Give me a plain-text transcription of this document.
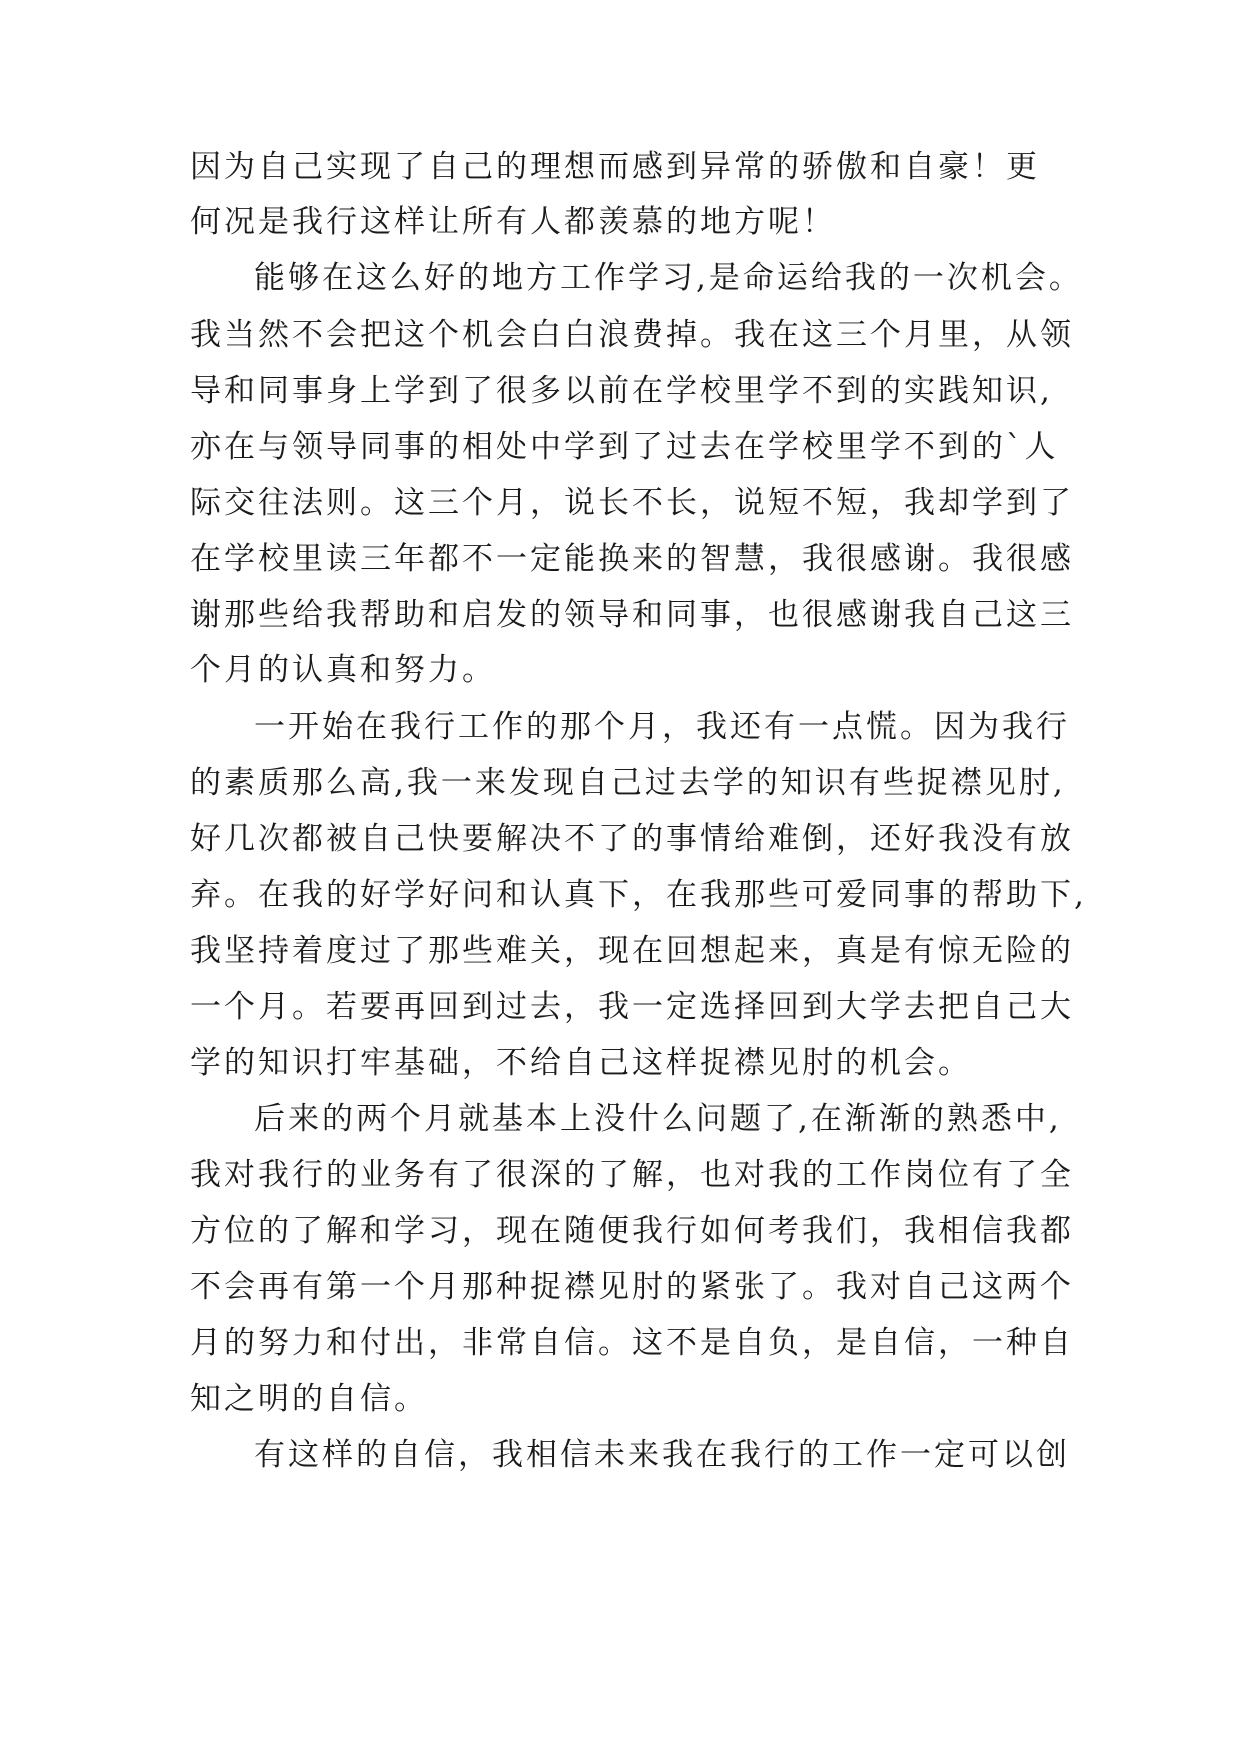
因为自己实现了自己的理想而感到异常的骄傲和自豪！更
何况是我行这样让所有人都羡慕的地方呢！
能够在这么好的地方工作学习,是命运给我的一次机会。
我当然不会把这个机会白白浪费掉。我在这三个月里，从领
导和同事身上学到了很多以前在学校里学不到的实践知识,
亦在与领导同事的相处中学到了过去在学校里学不到的`人
际交往法则。这三个月，说长不长，说短不短，我却学到了
在学校里读三年都不一定能换来的智慧，我很感谢。我很感
谢那些给我帮助和启发的领导和同事，也很感谢我自己这三
个月的认真和努力。
一开始在我行工作的那个月，我还有一点慌。因为我行
的素质那么高,我一来发现自己过去学的知识有些捉襟见肘,
好几次都被自己快要解决不了的事情给难倒，还好我没有放
弃。在我的好学好问和认真下，在我那些可爱同事的帮助下,
我坚持着度过了那些难关，现在回想起来，真是有惊无险的
一个月。若要再回到过去，我一定选择回到大学去把自己大
学的知识打牢基础，不给自己这样捉襟见肘的机会。
后来的两个月就基本上没什么问题了,在渐渐的熟悉中,
我对我行的业务有了很深的了解，也对我的工作岗位有了全
方位的了解和学习，现在随便我行如何考我们，我相信我都
不会再有第一个月那种捉襟见肘的紧张了。我对自己这两个
月的努力和付出，非常自信。这不是自负，是自信，一种自
知之明的自信。
有这样的自信，我相信未来我在我行的工作一定可以创
